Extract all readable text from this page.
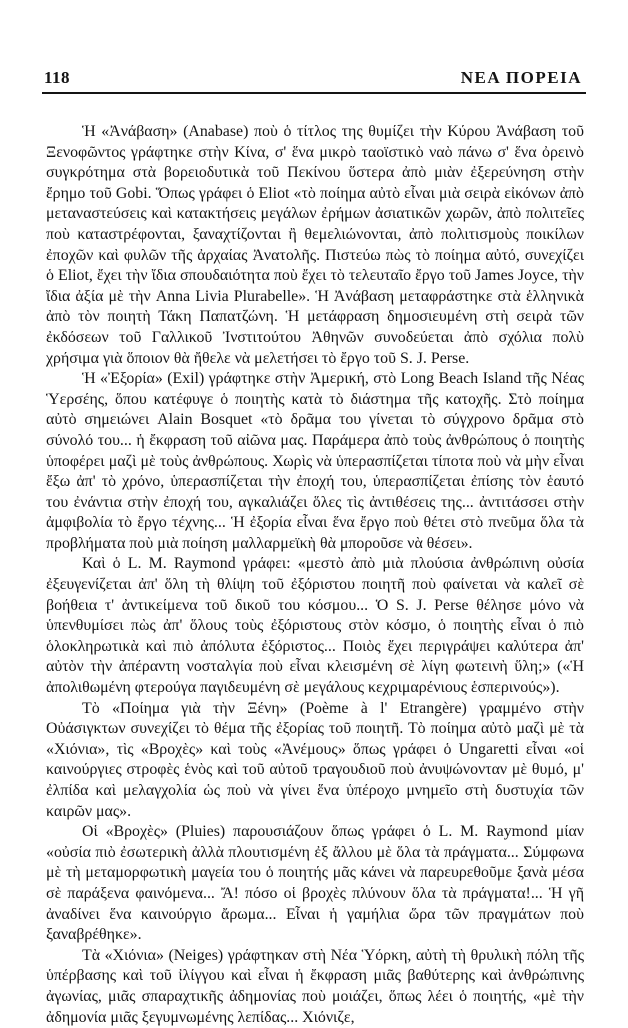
118	ΝΕΑ ΠΟΡΕΙΑ

Ἡ «Ἀνάβαση» (Anabase) ποὺ ὁ τίτλος της θυμίζει τὴν Κύρου Ἀνάβαση τοῦ Ξενοφῶντος γράφτηκε στὴν Κίνα, σ' ἕνα μικρὸ ταοϊστικὸ ναὸ πάνω σ' ἕνα ὀρεινὸ συγκρότημα στὰ βορειοδυτικὰ τοῦ Πεκίνου ὕστερα ἀπὸ μιὰν ἐξερεύνηση στὴν ἔρημο τοῦ Gobi. Ὅπως γράφει ὁ Eliot «τὸ ποίημα αὐτὸ εἶναι μιὰ σειρὰ εἰκόνων ἀπὸ μεταναστεύσεις καὶ κατακτήσεις μεγάλων ἐρήμων ἀσιατικῶν χωρῶν, ἀπὸ πολιτεῖες ποὺ καταστρέφονται, ξαναχτίζονται ἢ θεμελιώνονται, ἀπὸ πολιτισμοὺς ποικίλων ἐποχῶν καὶ φυλῶν τῆς ἀρχαίας Ἀνατολῆς. Πιστεύω πὼς τὸ ποίημα αὐτό, συνεχίζει ὁ Eliot, ἔχει τὴν ἴδια σπουδαιότητα ποὺ ἔχει τὸ τελευταῖο ἔργο τοῦ James Joyce, τὴν ἴδια ἀξία μὲ τὴν Anna Livia Plurabelle». Ἡ Ἀνάβαση μεταφράστηκε στὰ ἑλληνικὰ ἀπὸ τὸν ποιητὴ Τάκη Παπατζώνη. Ἡ μετάφραση δημοσιευμένη στὴ σειρὰ τῶν ἐκδόσεων τοῦ Γαλλικοῦ Ἰνστιτούτου Ἀθηνῶν συνοδεύεται ἀπὸ σχόλια πολὺ χρήσιμα γιὰ ὅποιον θὰ ἤθελε νὰ μελετήσει τὸ ἔργο τοῦ S. J. Perse.

Ἡ «Ἐξορία» (Exil) γράφτηκε στὴν Ἀμερική, στὸ Long Beach Island τῆς Νέας Ὑερσέης, ὅπου κατέφυγε ὁ ποιητὴς κατὰ τὸ διάστημα τῆς κατοχῆς. Στὸ ποίημα αὐτὸ σημειώνει Alain Bosquet «τὸ δρᾶμα του γίνεται τὸ σύγχρονο δρᾶμα στὸ σύνολό του... ἡ ἔκφραση τοῦ αἰῶνα μας. Παράμερα ἀπὸ τοὺς ἀνθρώπους ὁ ποιητὴς ὑποφέρει μαζὶ μὲ τοὺς ἀνθρώπους. Χωρὶς νὰ ὑπερασπίζεται τίποτα ποὺ νὰ μὴν εἶναι ἔξω ἀπ' τὸ χρόνο, ὑπερασπίζεται τὴν ἐποχή του, ὑπερασπίζεται ἐπίσης τὸν ἑαυτό του ἐνάντια στὴν ἐποχή του, αγκαλιάζει ὅλες τὶς ἀντιθέσεις της... ἀντιτάσσει στὴν ἀμφιβολία τὸ ἔργο τέχνης... Ἡ ἐξορία εἶναι ἕνα ἔργο ποὺ θέτει στὸ πνεῦμα ὅλα τὰ προβλήματα ποὺ μιὰ ποίηση μαλλαρμεϊκὴ θὰ μποροῦσε νὰ θέσει».

Καὶ ὁ L. M. Raymond γράφει: «μεστὸ ἀπὸ μιὰ πλούσια ἀνθρώπινη οὐσία ἐξευγενίζεται ἀπ' ὅλη τὴ θλίψη τοῦ ἐξόριστου ποιητῆ ποὺ φαίνεται νὰ καλεῖ σὲ βοήθεια τ' ἀντικείμενα τοῦ δικοῦ του κόσμου... Ὁ S. J. Perse θέλησε μόνο νὰ ὑπενθυμίσει πὼς ἀπ' ὅλους τοὺς ἐξόριστους στὸν κόσμο, ὁ ποιητὴς εἶναι ὁ πιὸ ὁλοκληρωτικὰ καὶ πιὸ ἀπόλυτα ἐξόριστος... Ποιὸς ἔχει περιγράψει καλύτερα ἀπ' αὐτὸν τὴν ἀπέραντη νοσταλγία ποὺ εἶναι κλεισμένη σὲ λίγη φωτεινὴ ὕλη;» («Ἡ ἀπολιθωμένη φτερούγα παγιδευμένη σὲ μεγάλους κεχριμαρένιους ἑσπερινούς»).

Τὸ «Ποίημα γιὰ τὴν Ξένη» (Poème à l' Etrangère) γραμμένο στὴν Οὐάσιγκτων συνεχίζει τὸ θέμα τῆς ἐξορίας τοῦ ποιητῆ. Τὸ ποίημα αὐτὸ μαζὶ μὲ τὰ «Χιόνια», τὶς «Βροχὲς» καὶ τοὺς «Ἀνέμους» ὅπως γράφει ὁ Ungaretti εἶναι «οἱ καινούργιες στροφὲς ἑνὸς καὶ τοῦ αὐτοῦ τραγουδιοῦ ποὺ ἀνυψώνονταν μὲ θυμό, μ' ἐλπίδα καὶ μελαγχολία ὡς ποὺ νὰ γίνει ἕνα ὑπέροχο μνημεῖο στὴ δυστυχία τῶν καιρῶν μας».

Οἱ «Βροχὲς» (Pluies) παρουσιάζουν ὅπως γράφει ὁ L. M. Raymond μίαν «οὐσία πιὸ ἐσωτερικὴ ἀλλὰ πλουτισμένη ἐξ ἄλλου μὲ ὅλα τὰ πράγματα... Σύμφωνα μὲ τὴ μεταμορφωτικὴ μαγεία του ὁ ποιητής μᾶς κάνει νὰ παρευρεθοῦμε ξανὰ μέσα σὲ παράξενα φαινόμενα... Ἄ! πόσο οἱ βροχὲς πλύνουν ὅλα τὰ πράγματα!... Ἡ γῆ ἀναδίνει ἕνα καινούργιο ἄρωμα... Εἶναι ἡ γαμήλια ὥρα τῶν πραγμάτων ποὺ ξαναβρέθηκε».

Τὰ «Χιόνια» (Neiges) γράφτηκαν στὴ Νέα Ὑόρκη, αὐτὴ τὴ θρυλικὴ πόλη τῆς ὑπέρβασης καὶ τοῦ ἰλίγγου καὶ εἶναι ἡ ἔκφραση μιᾶς βαθύτερης καὶ ἀνθρώπινης ἀγωνίας, μιᾶς σπαραχτικῆς ἀδημονίας ποὺ μοιάζει, ὅπως λέει ὁ ποιητής, «μὲ τὴν ἀδημονία μιᾶς ξεγυμνωμένης λεπίδας... Χιόνιζε,
